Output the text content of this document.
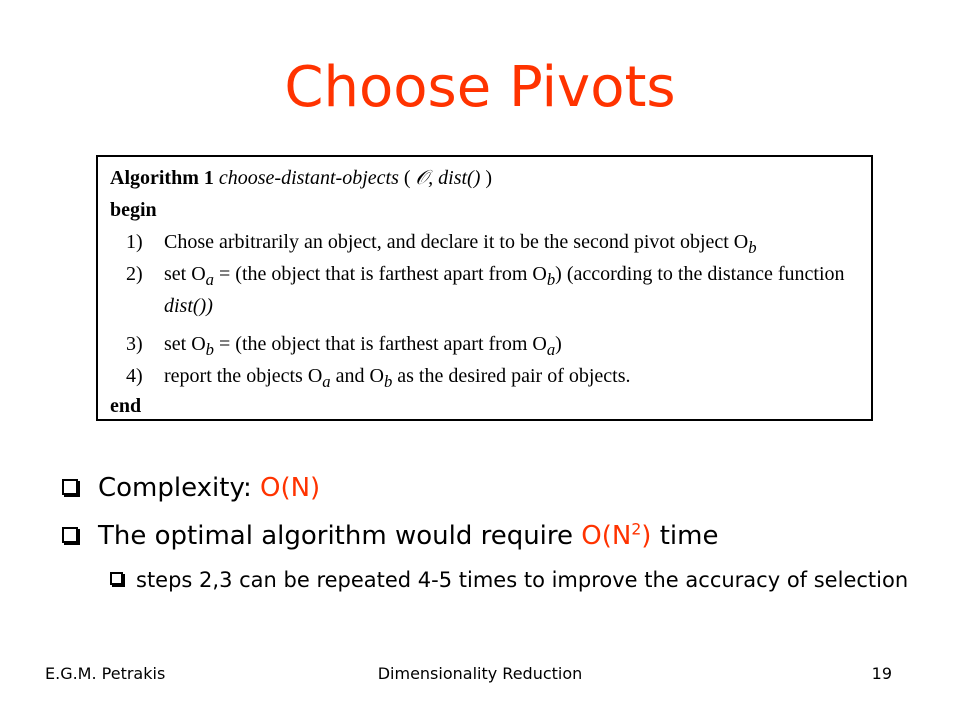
Choose Pivots
Algorithm 1 choose-distant-objects ( 𝒪, dist() )
begin
1) Chose arbitrarily an object, and declare it to be the second pivot object $O_b$
2) set $O_a = (the$ object that is farthest apart from $O_b$) (according to the distance function
dist())
3) set $O_b = (the$ object that is farthest apart from $O_a$)
4) report the objects $O_a$ and $O_b$ as the desired pair of objects.
end
Complexity: O(N)
The optimal algorithm would require $O(N^2)$ time
steps 2,3 can be repeated 4-5 times to improve the accuracy of selection
E.G.M. Petrakis	Dimensionality Reduction	19
